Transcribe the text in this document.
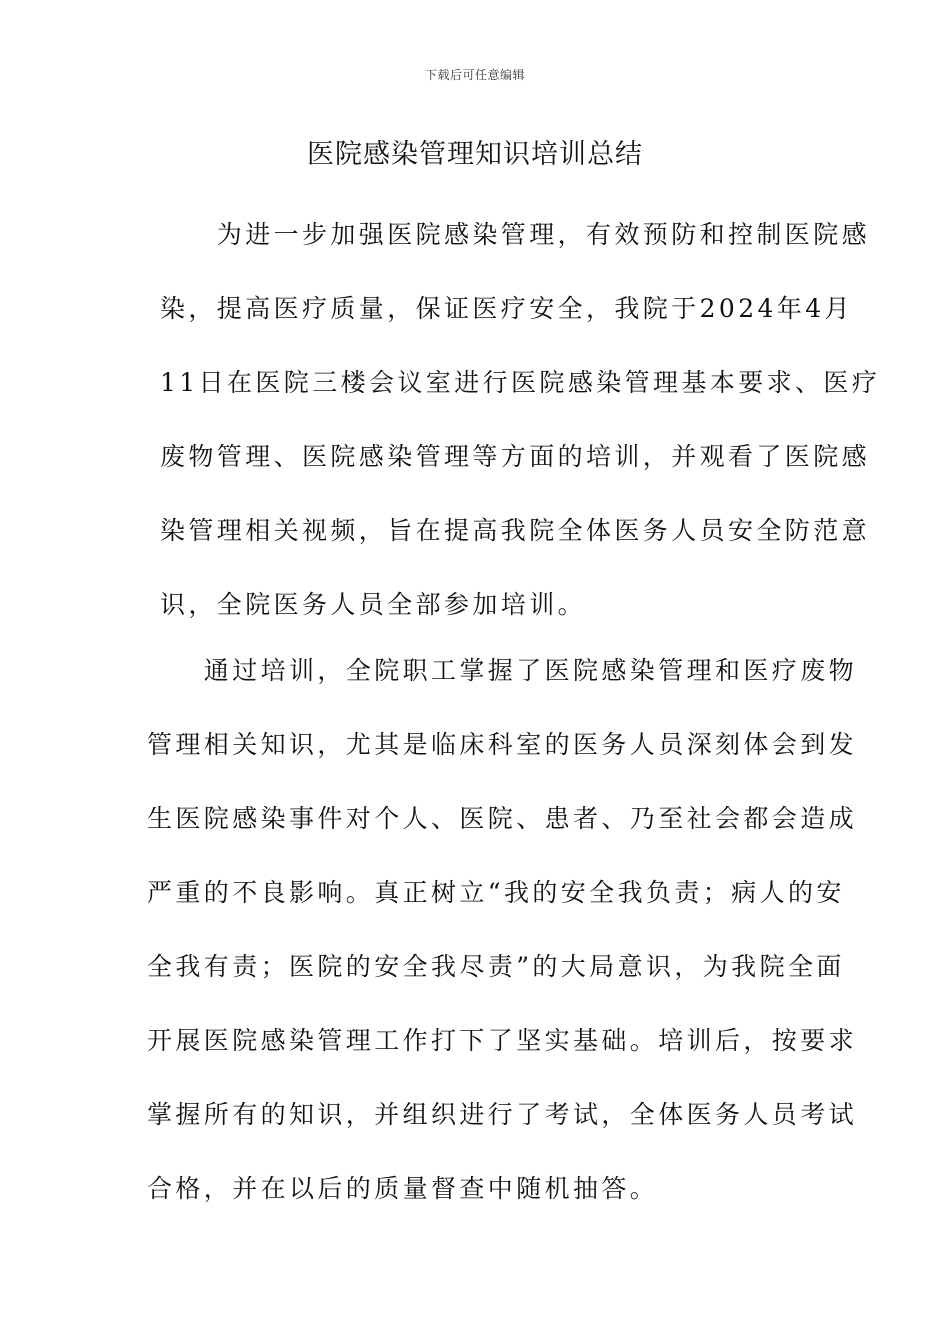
下载后可任意编辑
医院感染管理知识培训总结
　　为进一步加强医院感染管理，有效预防和控制医院感
染，提高医疗质量，保证医疗安全，我院于2024年4月
11日在医院三楼会议室进行医院感染管理基本要求、医疗
废物管理、医院感染管理等方面的培训，并观看了医院感
染管理相关视频，旨在提高我院全体医务人员安全防范意
识，全院医务人员全部参加培训。
　　通过培训，全院职工掌握了医院感染管理和医疗废物
管理相关知识，尤其是临床科室的医务人员深刻体会到发
生医院感染事件对个人、医院、患者、乃至社会都会造成
严重的不良影响。真正树立“我的安全我负责；病人的安
全我有责；医院的安全我尽责”的大局意识，为我院全面
开展医院感染管理工作打下了坚实基础。培训后，按要求
掌握所有的知识，并组织进行了考试，全体医务人员考试
合格，并在以后的质量督查中随机抽答。
